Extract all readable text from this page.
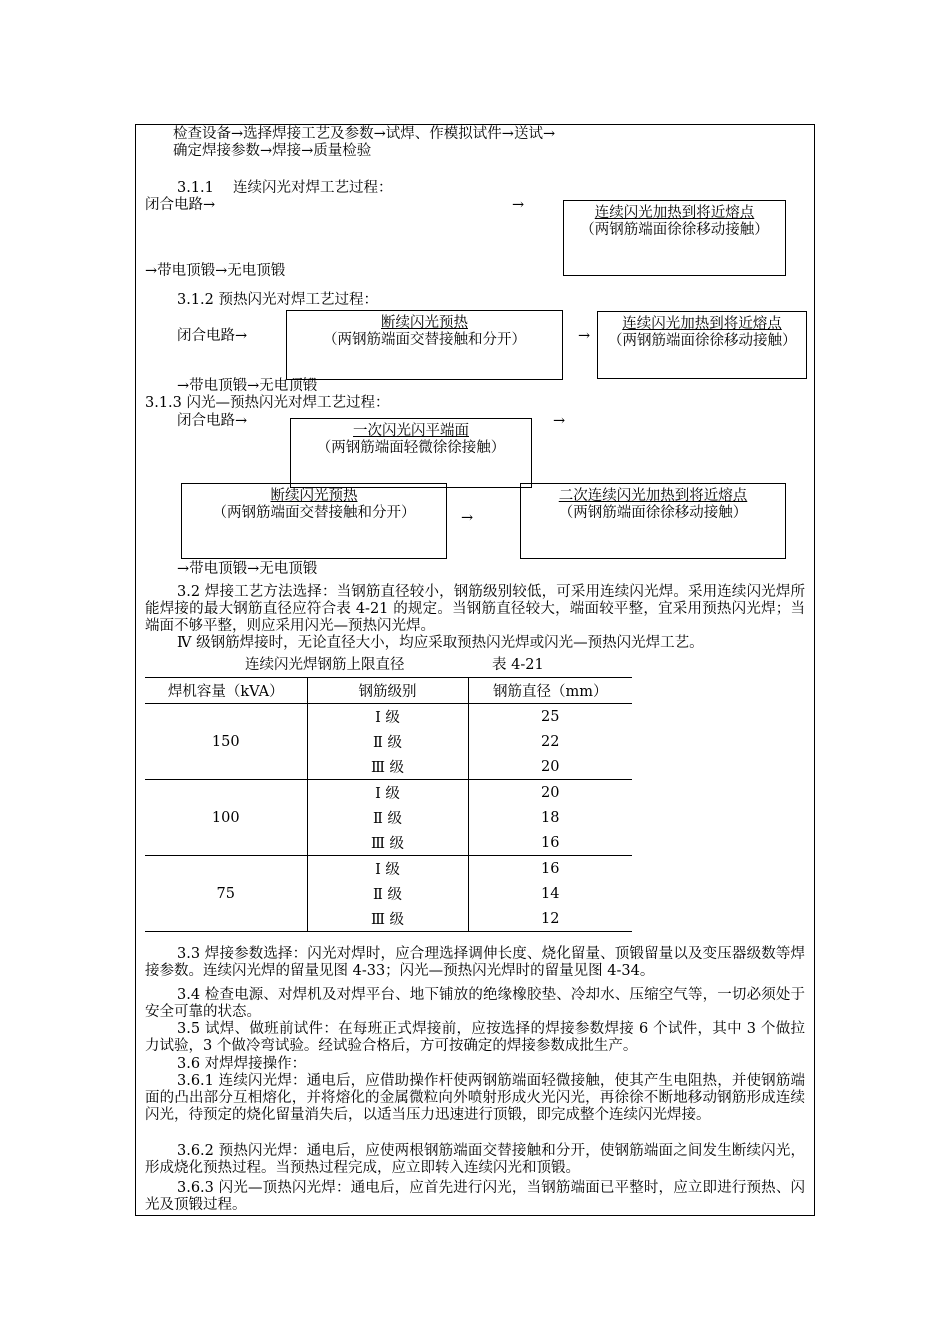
检查设备→选择焊接工艺及参数→试焊、作模拟试件→送试→
确定焊接参数→焊接→质量检验
3.1.1　 连续闪光对焊工艺过程：
闭合电路→	→	连续闪光加热到将近熔点
（两钢筋端面徐徐移动接触）
→带电顶锻→无电顶锻
3.1.2 预热闪光对焊工艺过程：
闭合电路→
断续闪光预热
（两钢筋端面交替接触和分开）	→
连续闪光加热到将近熔点
（两钢筋端面徐徐移动接触）
→带电顶锻→无电顶锻
3.1.3 闪光—预热闪光对焊工艺过程：
闭合电路→
一次闪光闪平端面
（两钢筋端面轻微徐徐接触）
→
断续闪光预热
（两钢筋端面交替接触和分开）	→
二次连续闪光加热到将近熔点
（两钢筋端面徐徐移动接触）
→带电顶锻→无电顶锻
3.2 焊接工艺方法选择：当钢筋直径较小，钢筋级别较低，可采用连续闪光焊。采用连续闪光焊所能焊接的最大钢筋直径应符合表 4-21 的规定。当钢筋直径较大，端面较平整，宜采用预热闪光焊；当端面不够平整，则应采用闪光—预热闪光焊。
Ⅳ 级钢筋焊接时，无论直径大小，均应采取预热闪光焊或闪光—预热闪光焊工艺。
连续闪光焊钢筋上限直径	表 4-21
焊机容量（kVA）	钢筋级别	钢筋直径（mm）
150	Ⅰ 级	25
	Ⅱ 级	22
	Ⅲ 级	20
100	Ⅰ 级	20
	Ⅱ 级	18
	Ⅲ 级	16
75	Ⅰ 级	16
	Ⅱ 级	14
	Ⅲ 级	12
3.3 焊接参数选择：闪光对焊时，应合理选择调伸长度、烧化留量、顶锻留量以及变压器级数等焊接参数。连续闪光焊的留量见图 4-33；闪光—预热闪光焊时的留量见图 4-34。
3.4 检查电源、对焊机及对焊平台、地下铺放的绝缘橡胶垫、冷却水、压缩空气等，一切必须处于安全可靠的状态。
3.5 试焊、做班前试件：在每班正式焊接前，应按选择的焊接参数焊接 6 个试件，其中 3 个做拉力试验，3 个做冷弯试验。经试验合格后，方可按确定的焊接参数成批生产。
3.6 对焊焊接操作：
3.6.1 连续闪光焊：通电后，应借助操作杆使两钢筋端面轻微接触，使其产生电阻热，并使钢筋端面的凸出部分互相熔化，并将熔化的金属微粒向外喷射形成火光闪光，再徐徐不断地移动钢筋形成连续闪光，待预定的烧化留量消失后，以适当压力迅速进行顶锻，即完成整个连续闪光焊接。
3.6.2 预热闪光焊：通电后，应使两根钢筋端面交替接触和分开，使钢筋端面之间发生断续闪光，形成烧化预热过程。当预热过程完成，应立即转入连续闪光和顶锻。
3.6.3 闪光—顶热闪光焊：通电后，应首先进行闪光，当钢筋端面已平整时，应立即进行预热、闪光及顶锻过程。
